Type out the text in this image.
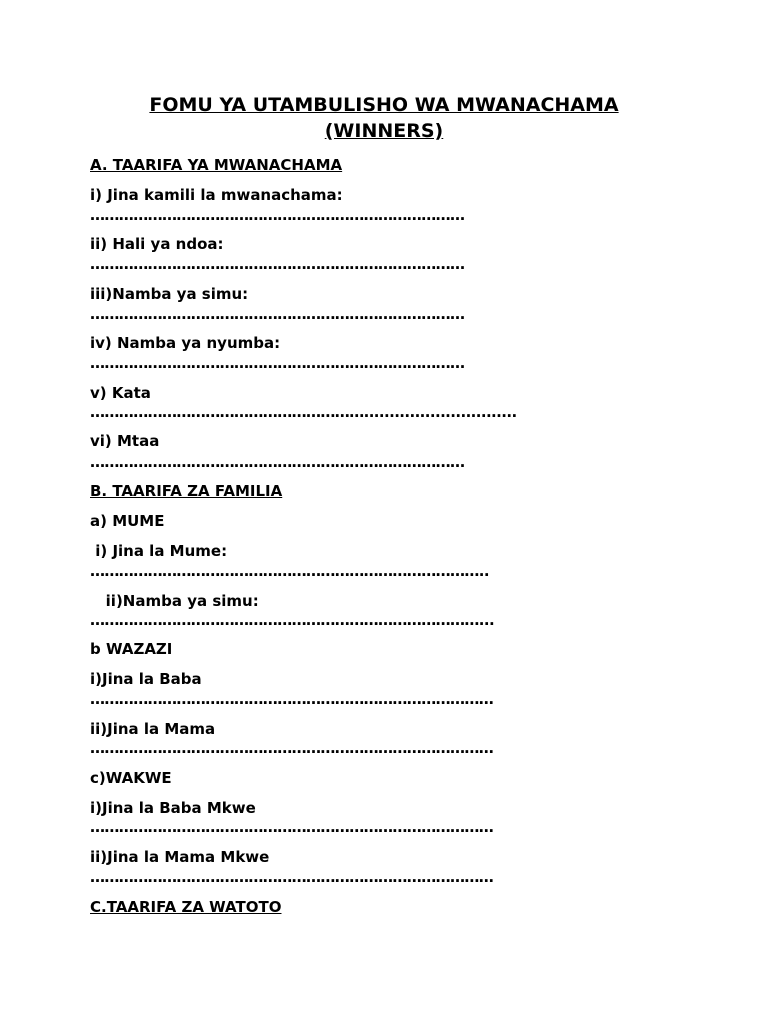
FOMU YA UTAMBULISHO WA MWANACHAMA
(WINNERS)
A. TAARIFA YA MWANACHAMA
i) Jina kamili la mwanachama:
……………………………………………………………………
ii) Hali ya ndoa:
……………………………………………………………………
iii)Namba ya simu:
……………………………………………………………………
iv) Namba ya nyumba:
……………………………………………………………………
v) Kata
…………………………………………………..............................
vi) Mtaa
……………………………………………………………………
B. TAARIFA ZA FAMILIA
a) MUME
i) Jina la Mume:
………………………………………………………………………..
ii)Namba ya simu:
………………………………………………………………………...
b WAZAZI
i)Jina la Baba
…………………………………………………………………………
ii)Jina la Mama
…………………………………………………………………………
c)WAKWE
i)Jina la Baba Mkwe
…………………………………………………………………………
ii)Jina la Mama Mkwe
…………………………………………………………………………
C.TAARIFA ZA WATOTO
